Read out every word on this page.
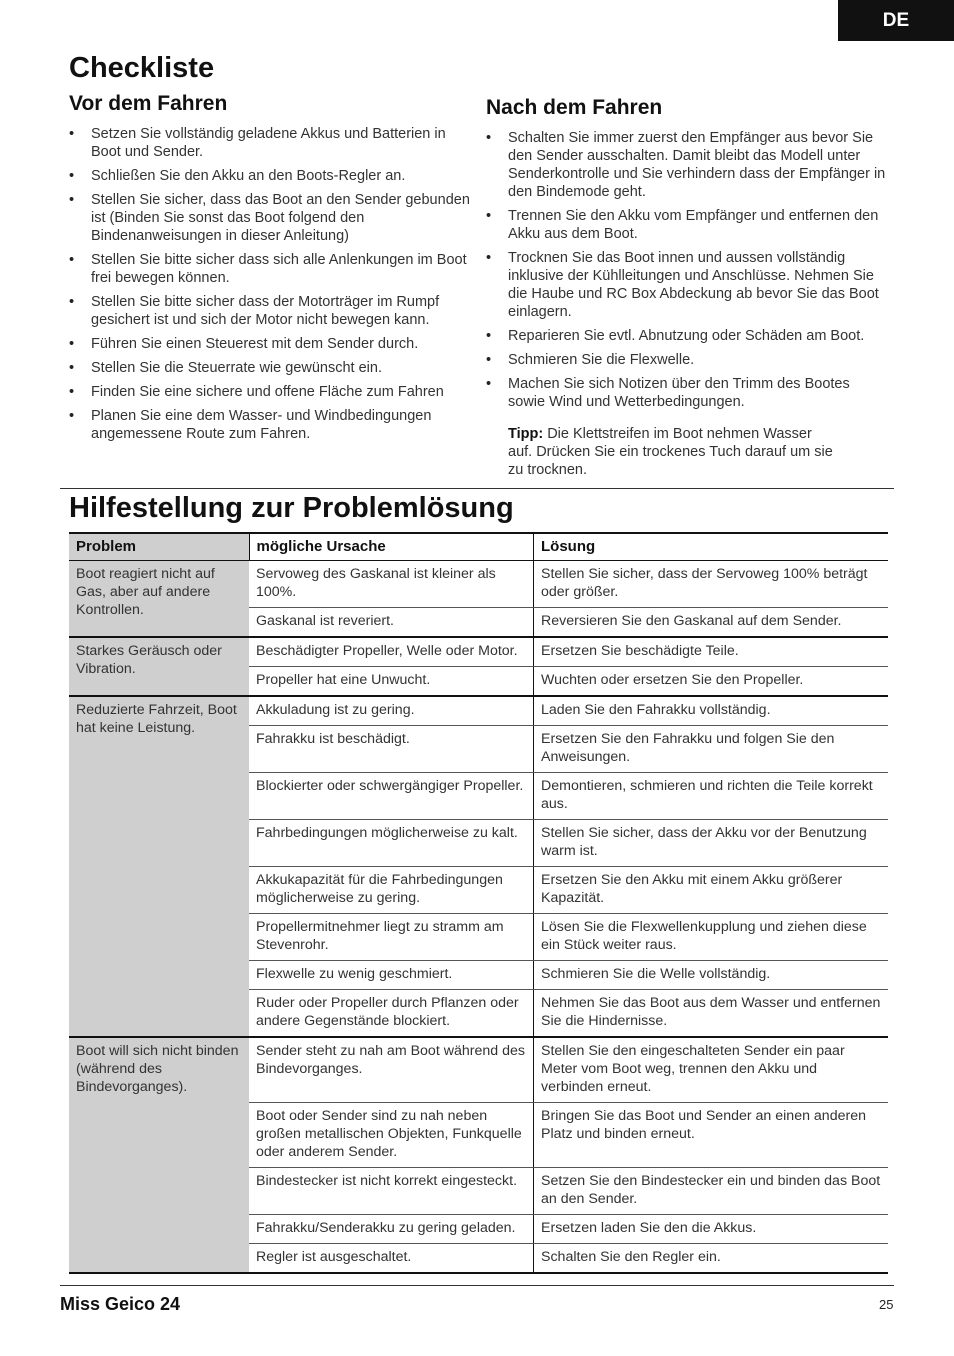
DE
Checkliste
Vor dem Fahren
• Setzen Sie vollständig geladene Akkus und Batterien in Boot und Sender.
• Schließen Sie den Akku an den Boots-Regler an.
• Stellen Sie sicher, dass das Boot an den Sender gebunden ist (Binden Sie sonst das Boot folgend den Bindenanweisungen in dieser Anleitung)
• Stellen Sie bitte sicher dass sich alle Anlenkungen im Boot frei bewegen können.
• Stellen Sie bitte sicher dass der Motorträger im Rumpf gesichert ist und sich der Motor nicht bewegen kann.
• Führen Sie einen Steuerest mit dem Sender durch.
• Stellen Sie die Steuerrate wie gewünscht ein.
• Finden Sie eine sichere und offene Fläche zum Fahren
• Planen Sie eine dem Wasser- und Windbedingungen angemessene Route zum Fahren.
Nach dem Fahren
• Schalten Sie immer zuerst den Empfänger aus bevor Sie den Sender ausschalten. Damit bleibt das Modell unter Senderkontrolle und Sie verhindern dass der Empfänger in den Bindemode geht.
• Trennen Sie den Akku vom Empfänger und entfernen den Akku aus dem Boot.
• Trocknen Sie das Boot innen und aussen vollständig inklusive der Kühlleitungen und Anschlüsse. Nehmen Sie die Haube und RC Box Abdeckung ab bevor Sie das Boot einlagern.
• Reparieren Sie evtl. Abnutzung oder Schäden am Boot.
• Schmieren Sie die Flexwelle.
• Machen Sie sich Notizen über den Trimm des Bootes sowie Wind und Wetterbedingungen.
Tipp: Die Klettstreifen im Boot nehmen Wasser auf. Drücken Sie ein trockenes Tuch darauf um sie zu trocknen.
Hilfestellung zur Problemlösung
Problem	mögliche Ursache	Lösung
Boot reagiert nicht auf Gas, aber auf andere Kontrollen.	Servoweg des Gaskanal ist kleiner als 100%.	Stellen Sie sicher, dass der Servoweg 100% beträgt oder größer.
	Gaskanal ist reveriert.	Reversieren Sie den Gaskanal auf dem Sender.
Starkes Geräusch oder Vibration.	Beschädigter Propeller, Welle oder Motor.	Ersetzen Sie beschädigte Teile.
	Propeller hat eine Unwucht.	Wuchten oder ersetzen Sie den Propeller.
Reduzierte Fahrzeit, Boot hat keine Leistung.	Akkuladung ist zu gering.	Laden Sie den Fahrakku vollständig.
	Fahrakku ist beschädigt.	Ersetzen Sie den Fahrakku und folgen Sie den Anweisungen.
	Blockierter oder schwergängiger Propeller.	Demontieren, schmieren und richten die Teile korrekt aus.
	Fahrbedingungen möglicherweise zu kalt.	Stellen Sie sicher, dass der Akku vor der Benutzung warm ist.
	Akkukapazität für die Fahrbedingungen möglicherweise zu gering.	Ersetzen Sie den Akku mit einem Akku größerer Kapazität.
	Propellermitnehmer liegt zu stramm am Stevenrohr.	Lösen Sie die Flexwellenkupplung und ziehen diese ein Stück weiter raus.
	Flexwelle zu wenig geschmiert.	Schmieren Sie die Welle vollständig.
	Ruder oder Propeller durch Pflanzen oder andere Gegenstände blockiert.	Nehmen Sie das Boot aus dem Wasser und entfernen Sie die Hindernisse.
Boot will sich nicht binden (während des Bindevorganges).	Sender steht zu nah am Boot während des Bindevorganges.	Stellen Sie den eingeschalteten Sender ein paar Meter vom Boot weg, trennen den Akku und verbinden erneut.
	Boot oder Sender sind zu nah neben großen metallischen Objekten, Funkquelle oder anderem Sender.	Bringen Sie das Boot und Sender an einen anderen Platz und binden erneut.
	Bindestecker ist nicht korrekt eingesteckt.	Setzen Sie den Bindestecker ein und binden das Boot an den Sender.
	Fahrakku/Senderakku zu gering geladen.	Ersetzen laden Sie den die Akkus.
	Regler ist ausgeschaltet.	Schalten Sie den Regler ein.
Miss Geico 24	25
